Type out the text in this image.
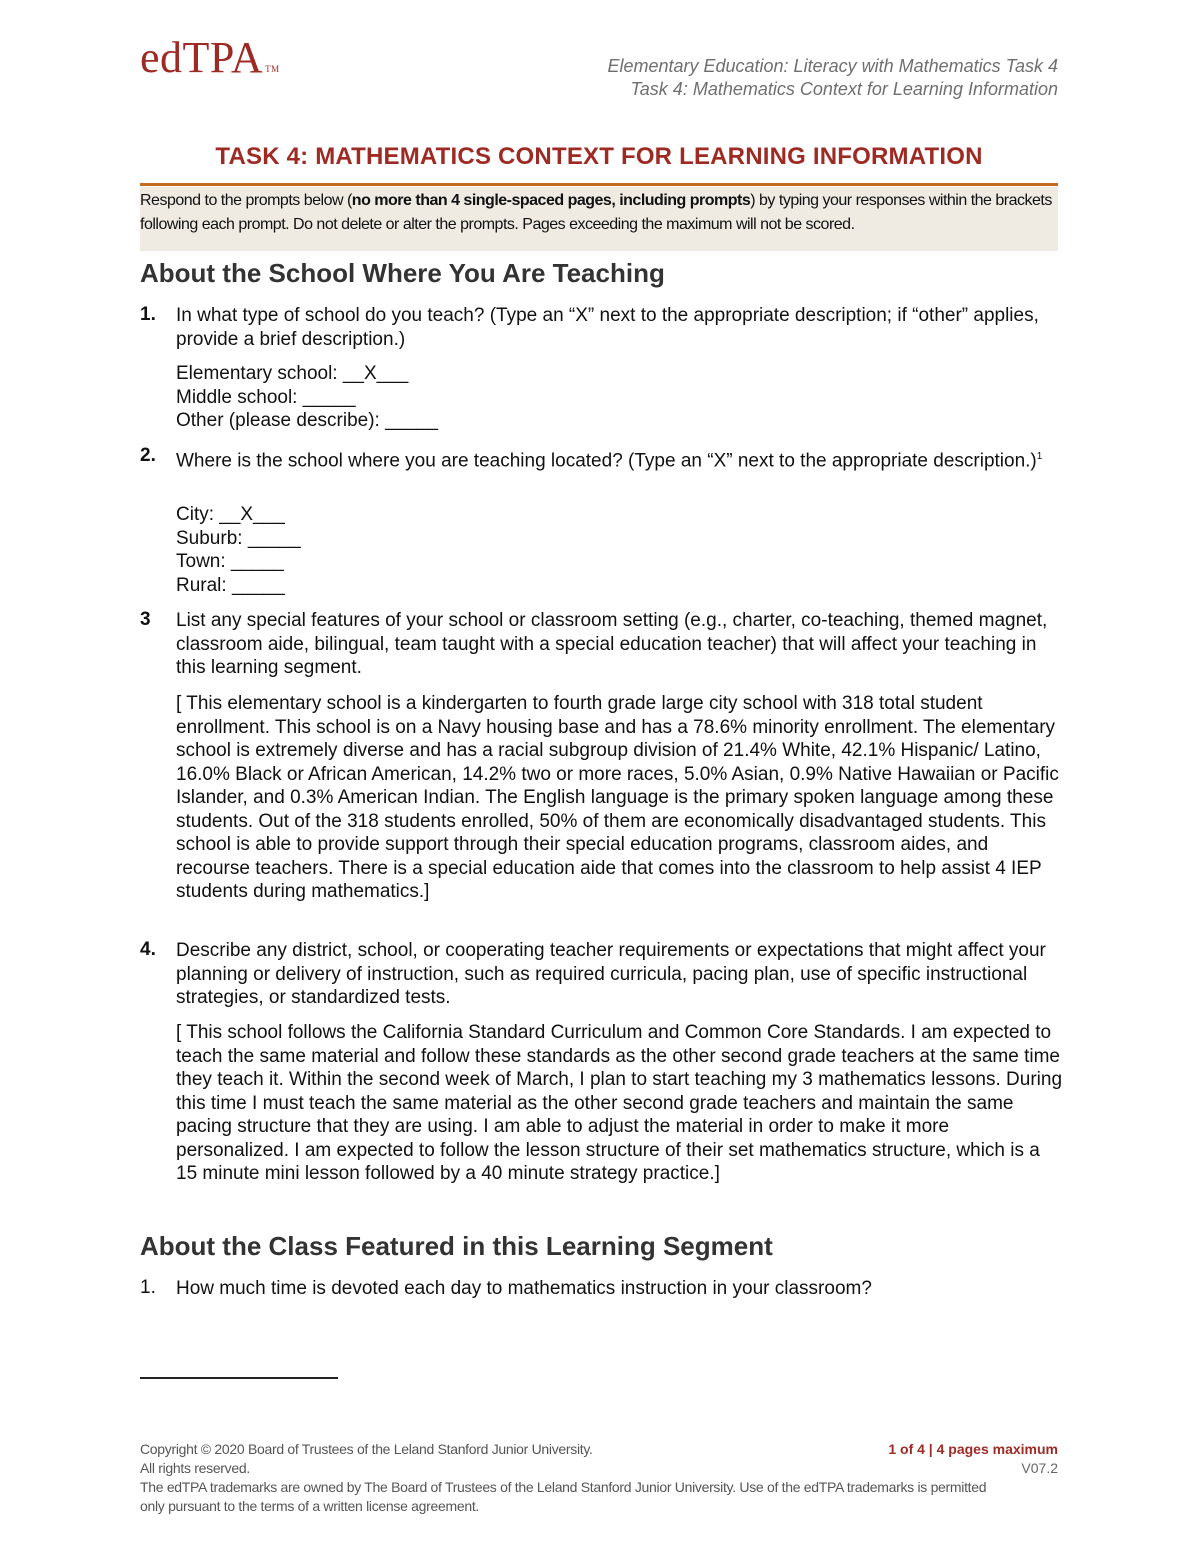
edTPA TM	Elementary Education: Literacy with Mathematics Task 4
Task 4: Mathematics Context for Learning Information
TASK 4: MATHEMATICS CONTEXT FOR LEARNING INFORMATION
Respond to the prompts below (no more than 4 single-spaced pages, including prompts) by typing your responses within the brackets following each prompt. Do not delete or alter the prompts. Pages exceeding the maximum will not be scored.
About the School Where You Are Teaching
1. In what type of school do you teach? (Type an “X” next to the appropriate description; if “other” applies, provide a brief description.)
Elementary school: __X___
Middle school: _____
Other (please describe): _____
2. Where is the school where you are teaching located? (Type an “X” next to the appropriate description.)$^1$
City: __X___
Suburb: _____
Town: _____
Rural: _____
3 List any special features of your school or classroom setting (e.g., charter, co-teaching, themed magnet, classroom aide, bilingual, team taught with a special education teacher) that will affect your teaching in this learning segment.
[ This elementary school is a kindergarten to fourth grade large city school with 318 total student enrollment. This school is on a Navy housing base and has a 78.6% minority enrollment. The elementary school is extremely diverse and has a racial subgroup division of 21.4% White, 42.1% Hispanic/ Latino, 16.0% Black or African American, 14.2% two or more races, 5.0% Asian, 0.9% Native Hawaiian or Pacific Islander, and 0.3% American Indian. The English language is the primary spoken language among these students. Out of the 318 students enrolled, 50% of them are economically disadvantaged students. This school is able to provide support through their special education programs, classroom aides, and recourse teachers. There is a special education aide that comes into the classroom to help assist 4 IEP students during mathematics.]
4. Describe any district, school, or cooperating teacher requirements or expectations that might affect your planning or delivery of instruction, such as required curricula, pacing plan, use of specific instructional strategies, or standardized tests.
[ This school follows the California Standard Curriculum and Common Core Standards. I am expected to teach the same material and follow these standards as the other second grade teachers at the same time they teach it. Within the second week of March, I plan to start teaching my 3 mathematics lessons. During this time I must teach the same material as the other second grade teachers and maintain the same pacing structure that they are using. I am able to adjust the material in order to make it more personalized. I am expected to follow the lesson structure of their set mathematics structure, which is a 15 minute mini lesson followed by a 40 minute strategy practice.]
About the Class Featured in this Learning Segment
1. How much time is devoted each day to mathematics instruction in your classroom?
Copyright © 2020 Board of Trustees of the Leland Stanford Junior University.
All rights reserved.
The edTPA trademarks are owned by The Board of Trustees of the Leland Stanford Junior University. Use of the edTPA trademarks is permitted only pursuant to the terms of a written license agreement.
1 of 4 | 4 pages maximum
V07.2
